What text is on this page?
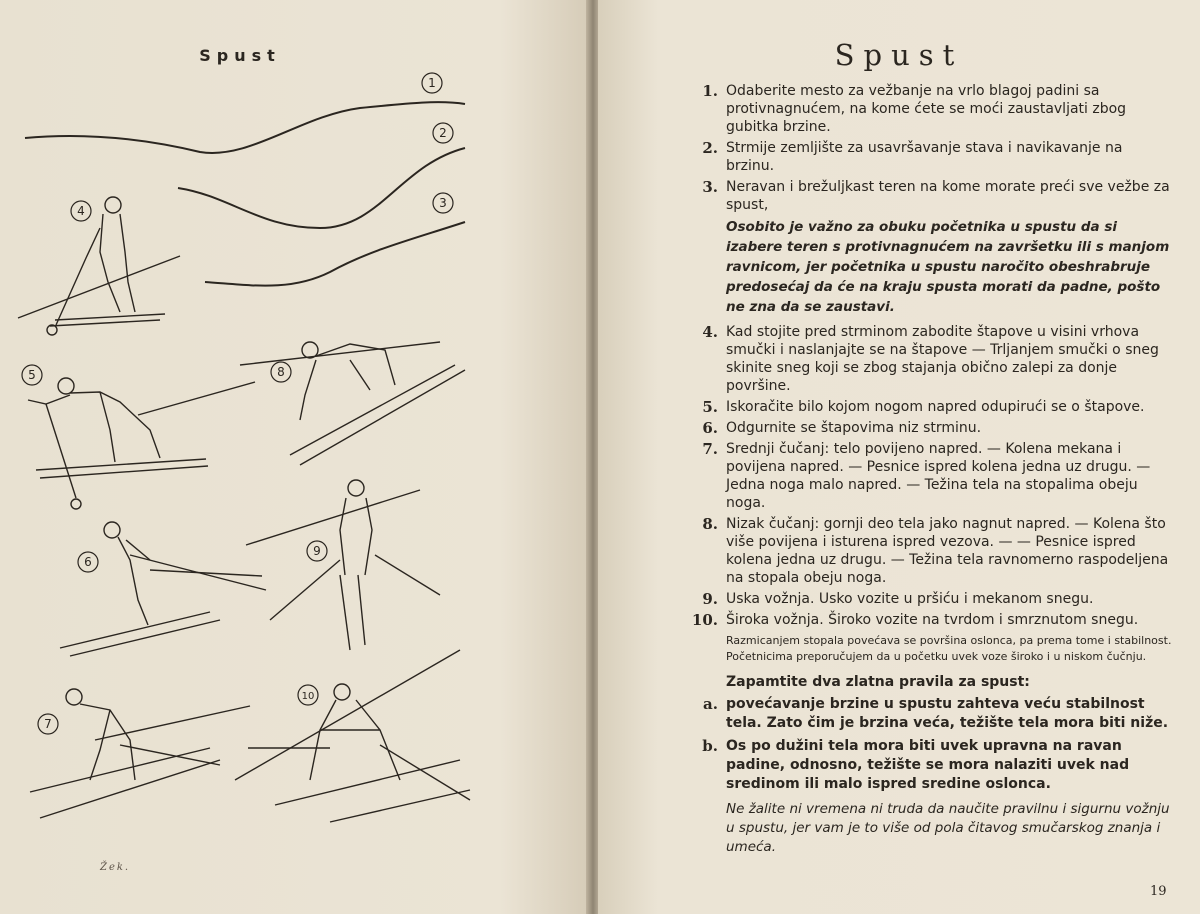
Spust
1
2
3
4
5
6
7
8
9
10
Žek.
Spust
1. Odaberite mesto za vežbanje na vrlo blagoj padini sa protivnagnućem, na kome ćete se moći zaustavljati zbog gubitka brzine.
2. Strmije zemljište za usavršavanje stava i navikavanje na brzinu.
3. Neravan i brežuljkast teren na kome morate preći sve vežbe za spust,
Osobito je važno za obuku početnika u spustu da si izabere teren s protivnagnućem na završetku ili s manjom ravnicom, jer početnika u spustu naročito obeshrabruje predosećaj da će na kraju spusta morati da padne, pošto ne zna da se zaustavi.
4. Kad stojite pred strminom zabodite štapove u visini vrhova smučki i naslanjajte se na štapove — Trljanjem smučki o sneg skinite sneg koji se zbog stajanja obično zalepi za donje površine.
5. Iskoračite bilo kojom nogom napred odupirući se o štapove.
6. Odgurnite se štapovima niz strminu.
7. Srednji čučanj: telo povijeno napred. — Kolena mekana i povijena napred. — Pesnice ispred kolena jedna uz drugu. — Jedna noga malo napred. — Težina tela na stopalima obeju noga.
8. Nizak čučanj: gornji deo tela jako nagnut napred. — Kolena što više povijena i isturena ispred vezova. — — Pesnice ispred kolena jedna uz drugu. — Težina tela ravnomerno raspodeljena na stopala obeju noga.
9. Uska vožnja. Usko vozite u pršiću i mekanom snegu.
10. Široka vožnja. Široko vozite na tvrdom i smrznutom snegu.
Razmicanjem stopala povećava se površina oslonca, pa prema tome i stabilnost. Početnicima preporučujem da u početku uvek voze široko i u niskom čučnju.
Zapamtite dva zlatna pravila za spust:
a. povećavanje brzine u spustu zahteva veću stabilnost tela. Zato čim je brzina veća, težište tela mora biti niže.
b. Os po dužini tela mora biti uvek upravna na ravan padine, odnosno, težište se mora nalaziti uvek nad sredinom ili malo ispred sredine oslonca.
Ne žalite ni vremena ni truda da naučite pravilnu i sigurnu vožnju u spustu, jer vam je to više od pola čitavog smučarskog znanja i umeća.
19
